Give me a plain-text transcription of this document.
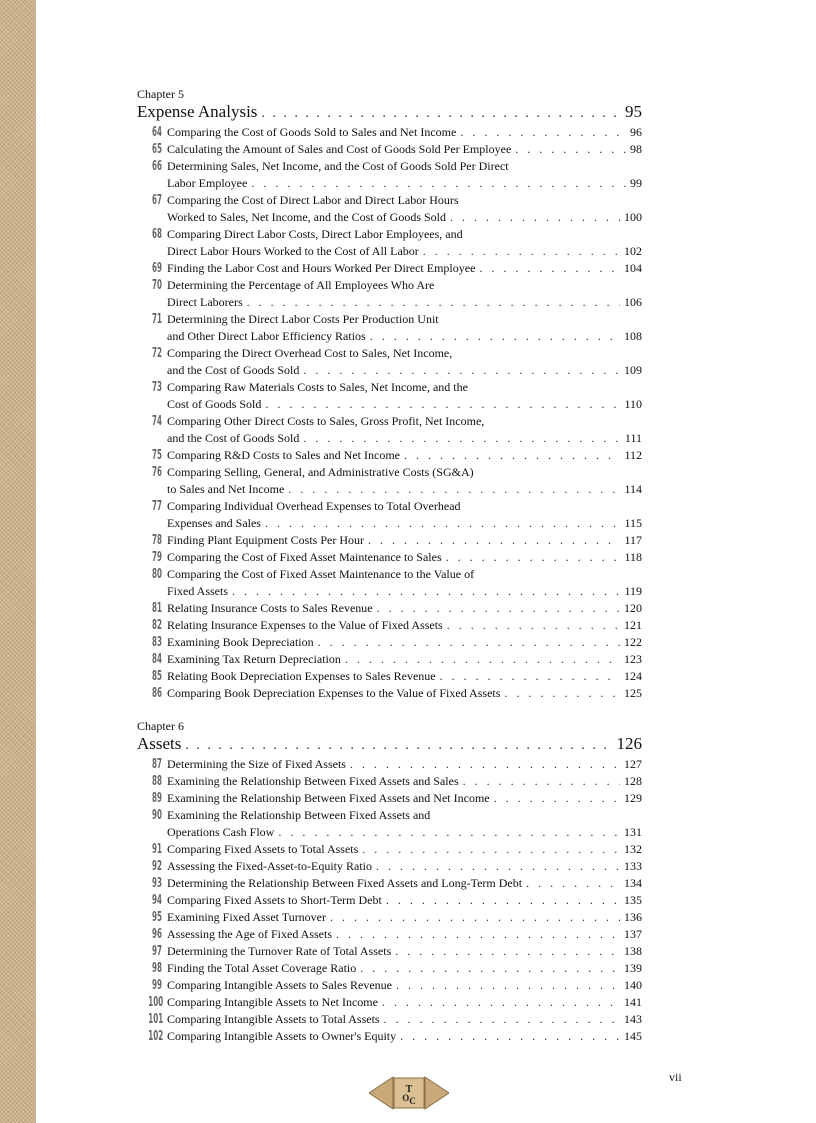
Chapter 5
Expense Analysis . . .	95
64 Comparing the Cost of Goods Sold to Sales and Net Income . . .	96
65 Calculating the Amount of Sales and Cost of Goods Sold Per Employee . . .	98
66 Determining Sales, Net Income, and the Cost of Goods Sold Per Direct
Labor Employee . . .	99
67 Comparing the Cost of Direct Labor and Direct Labor Hours
Worked to Sales, Net Income, and the Cost of Goods Sold . . .	100
68 Comparing Direct Labor Costs, Direct Labor Employees, and
Direct Labor Hours Worked to the Cost of All Labor . . .	102
69 Finding the Labor Cost and Hours Worked Per Direct Employee . . .	104
70 Determining the Percentage of All Employees Who Are
Direct Laborers . . .	106
71 Determining the Direct Labor Costs Per Production Unit
and Other Direct Labor Efficiency Ratios . . .	108
72 Comparing the Direct Overhead Cost to Sales, Net Income,
and the Cost of Goods Sold . . .	109
73 Comparing Raw Materials Costs to Sales, Net Income, and the
Cost of Goods Sold . . .	110
74 Comparing Other Direct Costs to Sales, Gross Profit, Net Income,
and the Cost of Goods Sold . . .	111
75 Comparing R&D Costs to Sales and Net Income . . .	112
76 Comparing Selling, General, and Administrative Costs (SG&A)
to Sales and Net Income . . .	114
77 Comparing Individual Overhead Expenses to Total Overhead
Expenses and Sales . . .	115
78 Finding Plant Equipment Costs Per Hour . . .	117
79 Comparing the Cost of Fixed Asset Maintenance to Sales . . .	118
80 Comparing the Cost of Fixed Asset Maintenance to the Value of
Fixed Assets . . .	119
81 Relating Insurance Costs to Sales Revenue . . .	120
82 Relating Insurance Expenses to the Value of Fixed Assets . . .	121
83 Examining Book Depreciation . . .	122
84 Examining Tax Return Depreciation . . .	123
85 Relating Book Depreciation Expenses to Sales Revenue . . .	124
86 Comparing Book Depreciation Expenses to the Value of Fixed Assets . . .	125
Chapter 6
Assets . . .	126
87 Determining the Size of Fixed Assets . . .	127
88 Examining the Relationship Between Fixed Assets and Sales . . .	128
89 Examining the Relationship Between Fixed Assets and Net Income . . .	129
90 Examining the Relationship Between Fixed Assets and
Operations Cash Flow . . .	131
91 Comparing Fixed Assets to Total Assets . . .	132
92 Assessing the Fixed-Asset-to-Equity Ratio . . .	133
93 Determining the Relationship Between Fixed Assets and Long-Term Debt . . .	134
94 Comparing Fixed Assets to Short-Term Debt . . .	135
95 Examining Fixed Asset Turnover . . .	136
96 Assessing the Age of Fixed Assets . . .	137
97 Determining the Turnover Rate of Total Assets . . .	138
98 Finding the Total Asset Coverage Ratio . . .	139
99 Comparing Intangible Assets to Sales Revenue . . .	140
100 Comparing Intangible Assets to Net Income . . .	141
101 Comparing Intangible Assets to Total Assets . . .	143
102 Comparing Intangible Assets to Owner's Equity . . .	145
vii
T
OC
